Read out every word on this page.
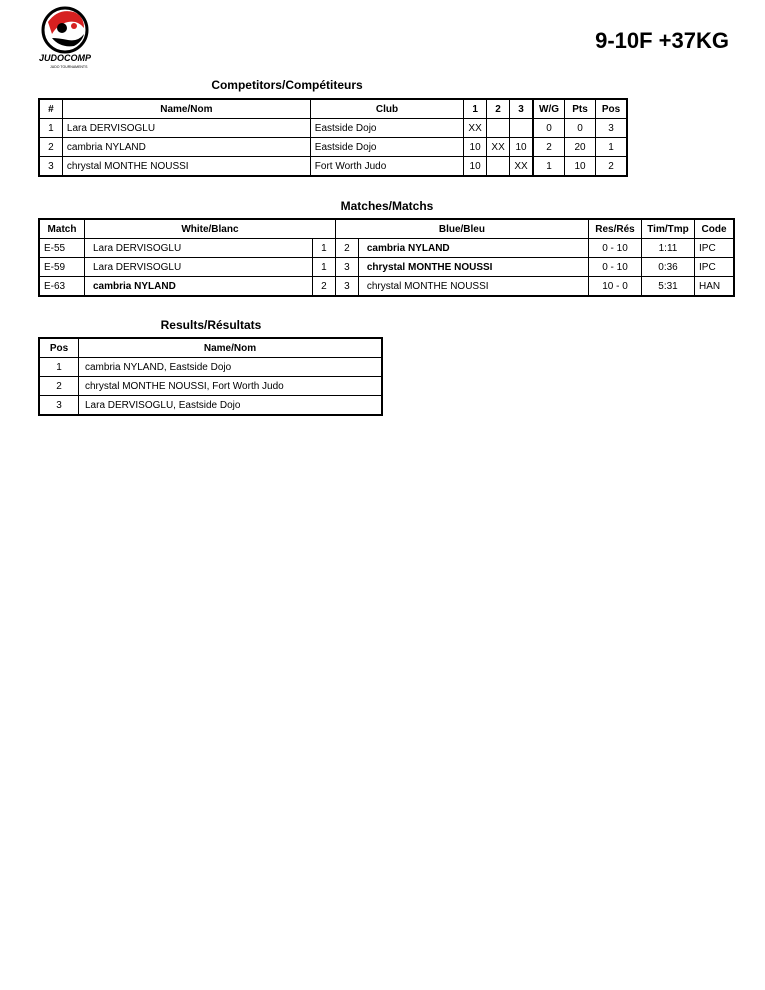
JUDOCOMP
JUDO TOURNAMENTS
9-10F +37KG
Competitors/Compétiteurs
#	Name/Nom	Club	1	2	3	W/G	Pts	Pos
1	Lara DERVISOGLU	Eastside Dojo	XX			0	0	3
2	cambria NYLAND	Eastside Dojo	10	XX	10	2	20	1
3	chrystal MONTHE NOUSSI	Fort Worth Judo	10		XX	1	10	2
Matches/Matchs
Match	White/Blanc		Blue/Bleu		Res/Rés	Tim/Tmp	Code
E-55	Lara DERVISOGLU	1	2	cambria NYLAND	0 - 10	1:11	IPC
E-59	Lara DERVISOGLU	1	3	chrystal MONTHE NOUSSI	0 - 10	0:36	IPC
E-63	cambria NYLAND	2	3	chrystal MONTHE NOUSSI	10 - 0	5:31	HAN
Results/Résultats
Pos	Name/Nom
1	cambria NYLAND, Eastside Dojo
2	chrystal MONTHE NOUSSI, Fort Worth Judo
3	Lara DERVISOGLU, Eastside Dojo
